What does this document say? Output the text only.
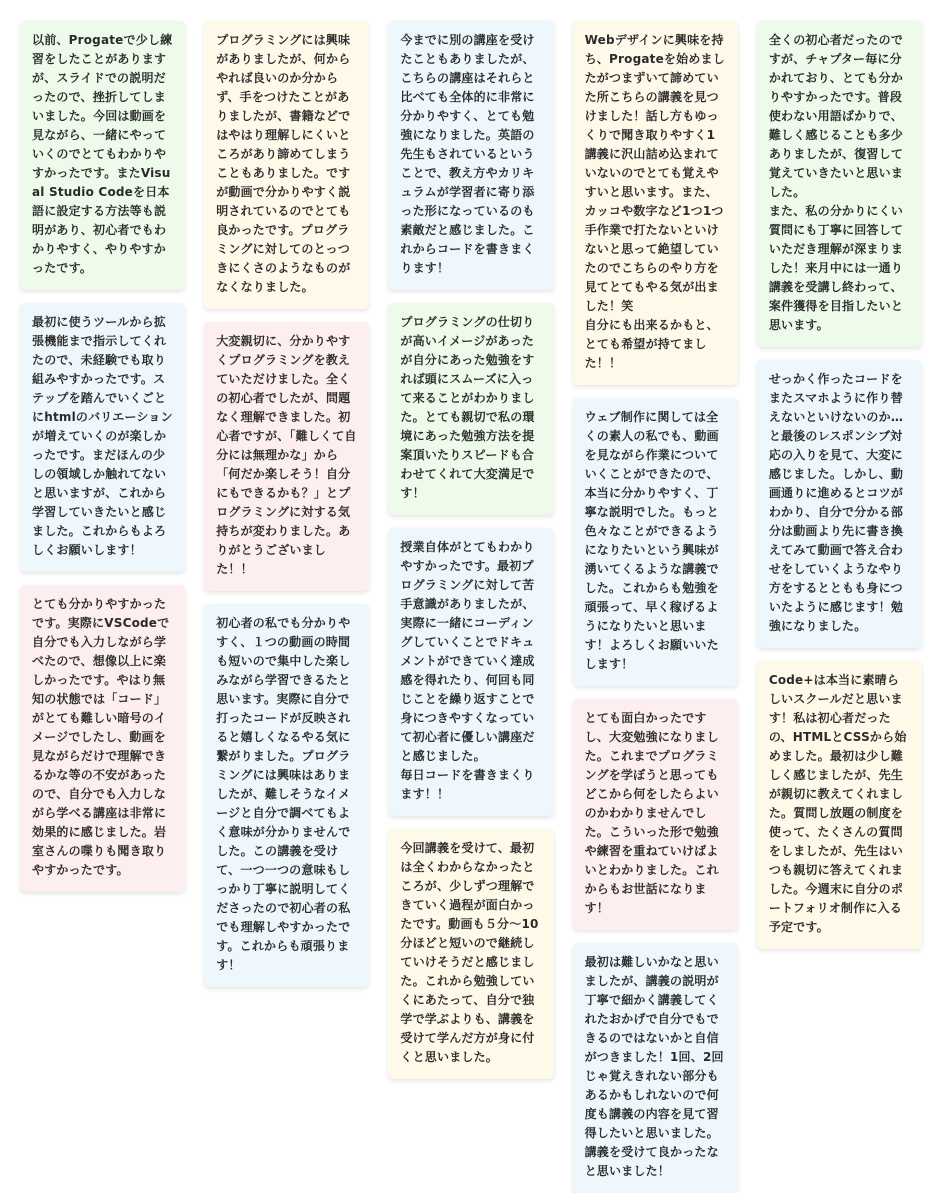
以前、Progateで少し練習をしたことがありますが、スライドでの説明だったので、挫折してしまいました。今回は動画を見ながら、一緒にやっていくのでとてもわかりやすかったです。またVisual Studio Codeを日本語に設定する方法等も説明があり、初心者でもわかりやすく、やりやすかったです。
最初に使うツールから拡張機能まで指示してくれたので、未経験でも取り組みやすかったです。ステップを踏んでいくごとにhtmlのバリエーションが増えていくのが楽しかったです。まだほんの少しの領域しか触れてないと思いますが、これから学習していきたいと感じました。これからもよろしくお願いします！
とても分かりやすかったです。実際にVSCodeで自分でも入力しながら学べたので、想像以上に楽しかったです。やはり無知の状態では「コード」がとても難しい暗号のイメージでしたし、動画を見ながらだけで理解できるかな等の不安があったので、自分でも入力しながら学べる講座は非常に効果的に感じました。岩室さんの喋りも聞き取りやすかったです。
プログラミングには興味がありましたが、何からやれば良いのか分からず、手をつけたことがありましたが、書籍などではやはり理解しにくいところがあり諦めてしまうこともありました。ですが動画で分かりやすく説明されているのでとても良かったです。プログラミングに対してのとっつきにくさのようなものがなくなりました。
大変親切に、分かりやすくプログラミングを教えていただけました。全くの初心者でしたが、問題なく理解できました。初心者ですが、「難しくて自分には無理かな」から「何だか楽しそう！自分にもできるかも？」とプログラミングに対する気持ちが変わりました。ありがとうございました！！
初心者の私でも分かりやすく、１つの動画の時間も短いので集中した楽しみながら学習できるたと思います。実際に自分で打ったコードが反映されると嬉しくなるやる気に繋がりました。プログラミングには興味はありましたが、難しそうなイメージと自分で調べてもよく意味が分かりませんでした。この講義を受けて、一つ一つの意味もしっかり丁寧に説明してくださったので初心者の私でも理解しやすかったです。これからも頑張ります！
今までに別の講座を受けたこともありましたが、こちらの講座はそれらと比べても全体的に非常に分かりやすく、とても勉強になりました。英語の先生もされているということで、教え方やカリキュラムが学習者に寄り添った形になっているのも素敵だと感じました。これからコードを書きまくります！
プログラミングの仕切りが高いイメージがあったが自分にあった勉強をすれば頭にスムーズに入って来ることがわかりました。とても親切で私の環境にあった勉強方法を提案頂いたりスピードも合わせてくれて大変満足です！
授業自体がとてもわかりやすかったです。最初プログラミングに対して苦手意識がありましたが、実際に一緒にコーディングしていくことでドキュメントができていく達成感を得れたり、何回も同じことを繰り返すことで身につきやすくなっていて初心者に優しい講座だと感じました。
毎日コードを書きまくります！！
今回講義を受けて、最初は全くわからなかったところが、少しずつ理解できていく過程が面白かったです。動画も５分〜10分ほどと短いので継続していけそうだと感じました。これから勉強していくにあたって、自分で独学で学ぶよりも、講義を受けて学んだ方が身に付くと思いました。
Webデザインに興味を持ち、Progateを始めましたがつまずいて諦めていた所こちらの講義を見つけました！話し方もゆっくりで聞き取りやすく1講義に沢山詰め込まれていないのでとても覚えやすいと思います。また、カッコや数字など1つ1つ手作業で打たないといけないと思って絶望していたのでこちらのやり方を見てとてもやる気が出ました！笑
自分にも出来るかもと、とても希望が持てました！！
ウェブ制作に関しては全くの素人の私でも、動画を見ながら作業についていくことができたので、本当に分かりやすく、丁寧な説明でした。もっと色々なことができるようになりたいという興味が湧いてくるような講義でした。これからも勉強を頑張って、早く稼げるようになりたいと思います！よろしくお願いいたします！
とても面白かったですし、大変勉強になりました。これまでプログラミングを学ぼうと思ってもどこから何をしたらよいのかわかりませんでした。こういった形で勉強や練習を重ねていけばよいとわかりました。これからもお世話になります！
最初は難しいかなと思いましたが、講義の説明が丁寧で細かく講義してくれたおかげで自分でもできるのではないかと自信がつきました！1回、2回じゃ覚えきれない部分もあるかもしれないので何度も講義の内容を見て習得したいと思いました。講義を受けて良かったなと思いました！
全くの初心者だったのですが、チャプター毎に分かれており、とても分かりやすかったです。普段使わない用語ばかりで、難しく感じることも多少ありましたが、復習して覚えていきたいと思いました。
また、私の分かりにくい質問にも丁寧に回答していただき理解が深まりました！来月中には一通り講義を受講し終わって、案件獲得を目指したいと思います。
せっかく作ったコードをまたスマホように作り替えないといけないのか…と最後のレスポンシブ対応の入りを見て、大変に感じました。しかし、動画通りに進めるとコツがわかり、自分で分かる部分は動画より先に書き換えてみて動画で答え合わせをしていくようなやり方をするとともも身についたように感じます！勉強になりました。
Code+は本当に素晴らしいスクールだと思います！私は初心者だったの、HTMLとCSSから始めました。最初は少し難しく感じましたが、先生が親切に教えてくれました。質問し放題の制度を使って、たくさんの質問をしましたが、先生はいつも親切に答えてくれました。今週末に自分のポートフォリオ制作に入る予定です。
